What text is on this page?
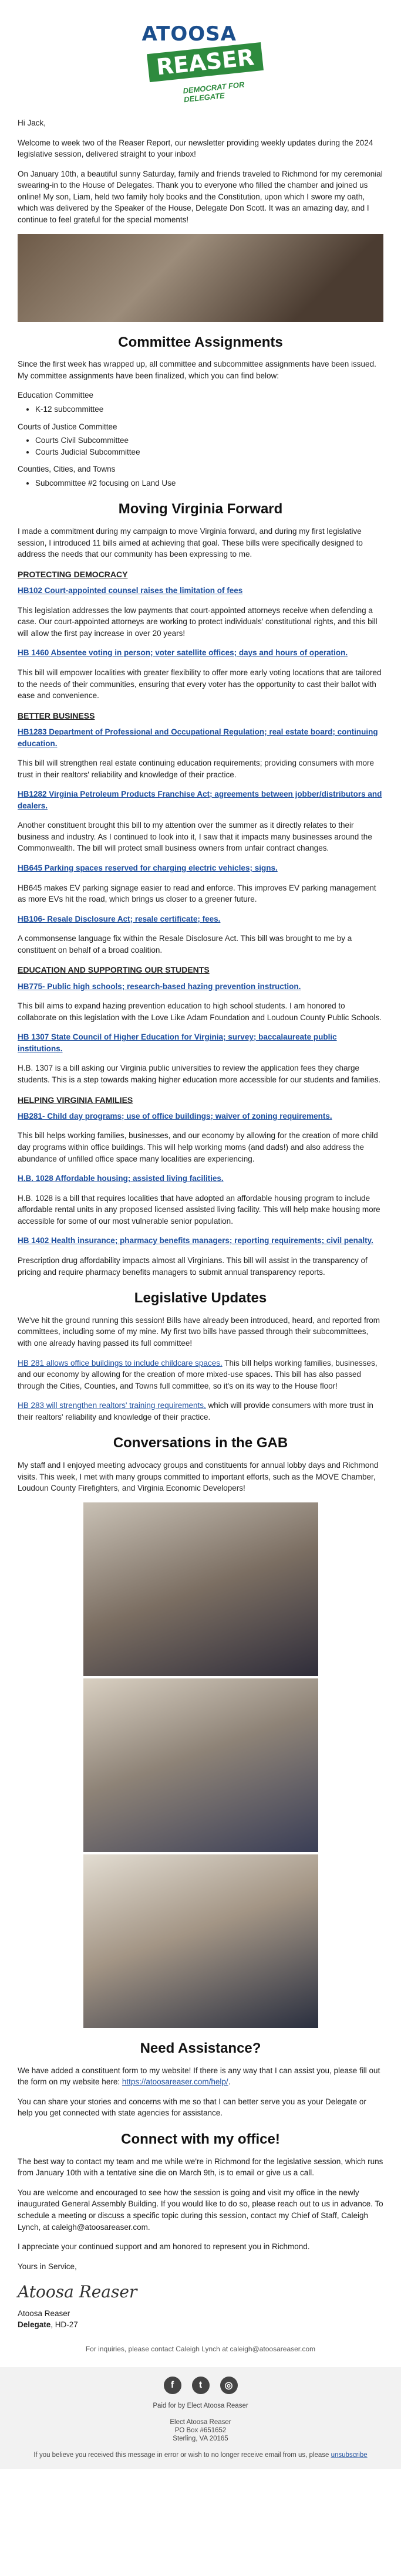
ATOOSA
REASER
DEMOCRAT FOR DELEGATE

Hi Jack,

Welcome to week two of the Reaser Report, our newsletter providing weekly updates during the 2024 legislative session, delivered straight to your inbox!

On January 10th, a beautiful sunny Saturday, family and friends traveled to Richmond for my ceremonial swearing-in to the House of Delegates. Thank you to everyone who filled the chamber and joined us online! My son, Liam, held two family holy books and the Constitution, upon which I swore my oath, which was delivered by the Speaker of the House, Delegate Don Scott. It was an amazing day, and I continue to feel grateful for the special moments!

Committee Assignments

Since the first week has wrapped up, all committee and subcommittee assignments have been issued. My committee assignments have been finalized, which you can find below:

Education Committee
• K-12 subcommittee
Courts of Justice Committee
• Courts Civil Subcommittee
• Courts Judicial Subcommittee
Counties, Cities, and Towns
• Subcommittee #2 focusing on Land Use
Moving Virginia Forward

I made a commitment during my campaign to move Virginia forward, and during my first legislative session, I introduced 11 bills aimed at achieving that goal. These bills were specifically designed to address the needs that our community has been expressing to me.

PROTECTING DEMOCRACY

HB102 Court-appointed counsel raises the limitation of fees

This legislation addresses the low payments that court-appointed attorneys receive when defending a case. Our court-appointed attorneys are working to protect individuals' constitutional rights, and this bill will allow the first pay increase in over 20 years!

HB 1460 Absentee voting in person; voter satellite offices; days and hours of operation.

This bill will empower localities with greater flexibility to offer more early voting locations that are tailored to the needs of their communities, ensuring that every voter has the opportunity to cast their ballot with ease and convenience.

BETTER BUSINESS

HB1283 Department of Professional and Occupational Regulation; real estate board; continuing education.

This bill will strengthen real estate continuing education requirements; providing consumers with more trust in their realtors' reliability and knowledge of their practice.

HB1282 Virginia Petroleum Products Franchise Act; agreements between jobber/distributors and dealers.

Another constituent brought this bill to my attention over the summer as it directly relates to their business and industry. As I continued to look into it, I saw that it impacts many businesses around the Commonwealth. The bill will protect small business owners from unfair contract changes.

HB645 Parking spaces reserved for charging electric vehicles; signs.

HB645 makes EV parking signage easier to read and enforce. This improves EV parking management as more EVs hit the road, which brings us closer to a greener future.

HB106- Resale Disclosure Act; resale certificate; fees.

A commonsense language fix within the Resale Disclosure Act. This bill was brought to me by a constituent on behalf of a broad coalition.

EDUCATION AND SUPPORTING OUR STUDENTS

HB775- Public high schools; research-based hazing prevention instruction.

This bill aims to expand hazing prevention education to high school students. I am honored to collaborate on this legislation with the Love Like Adam Foundation and Loudoun County Public Schools.

HB 1307 State Council of Higher Education for Virginia; survey; baccalaureate public institutions.

H.B. 1307 is a bill asking our Virginia public universities to review the application fees they charge students. This is a step towards making higher education more accessible for our students and families.

HELPING VIRGINIA FAMILIES

HB281- Child day programs; use of office buildings; waiver of zoning requirements.

This bill helps working families, businesses, and our economy by allowing for the creation of more child day programs within office buildings. This will help working moms (and dads!) and also address the abundance of unfilled office space many localities are experiencing.

H.B. 1028 Affordable housing; assisted living facilities.

H.B. 1028 is a bill that requires localities that have adopted an affordable housing program to include affordable rental units in any proposed licensed assisted living facility. This will help make housing more accessible for some of our most vulnerable senior population.

HB 1402 Health insurance; pharmacy benefits managers; reporting requirements; civil penalty.

Prescription drug affordability impacts almost all Virginians. This bill will assist in the transparency of pricing and require pharmacy benefits managers to submit annual transparency reports.

Legislative Updates

We've hit the ground running this session! Bills have already been introduced, heard, and reported from committees, including some of my mine. My first two bills have passed through their subcommittees, with one already having passed its full committee!

HB 281 allows office buildings to include childcare spaces. This bill helps working families, businesses, and our economy by allowing for the creation of more mixed-use spaces. This bill has also passed through the Cities, Counties, and Towns full committee, so it's on its way to the House floor!

HB 283 will strengthen realtors' training requirements, which will provide consumers with more trust in their realtors' reliability and knowledge of their practice.

Conversations in the GAB

My staff and I enjoyed meeting advocacy groups and constituents for annual lobby days and Richmond visits. This week, I met with many groups committed to important efforts, such as the MOVE Chamber, Loudoun County Firefighters, and Virginia Economic Developers!

Need Assistance?

We have added a constituent form to my website! If there is any way that I can assist you, please fill out the form on my website here: https://atoosareaser.com/help/.

You can share your stories and concerns with me so that I can better serve you as your Delegate or help you get connected with state agencies for assistance.

Connect with my office!

The best way to contact my team and me while we're in Richmond for the legislative session, which runs from January 10th with a tentative sine die on March 9th, is to email or give us a call.

You are welcome and encouraged to see how the session is going and visit my office in the newly inaugurated General Assembly Building. If you would like to do so, please reach out to us in advance. To schedule a meeting or discuss a specific topic during this session, contact my Chief of Staff, Caleigh Lynch, at caleigh@atoosareaser.com.

I appreciate your continued support and am honored to represent you in Richmond.

Yours in Service,

Atoosa Reaser
Atoosa Reaser
Delegate, HD-27
For inquiries, please contact Caleigh Lynch at caleigh@atoosareaser.com
f	t	◎

Paid for by Elect Atoosa Reaser

Elect Atoosa Reaser

PO Box #651652

Sterling, VA 20165

If you believe you received this message in error or wish to no longer receive email from us, please unsubscribe
